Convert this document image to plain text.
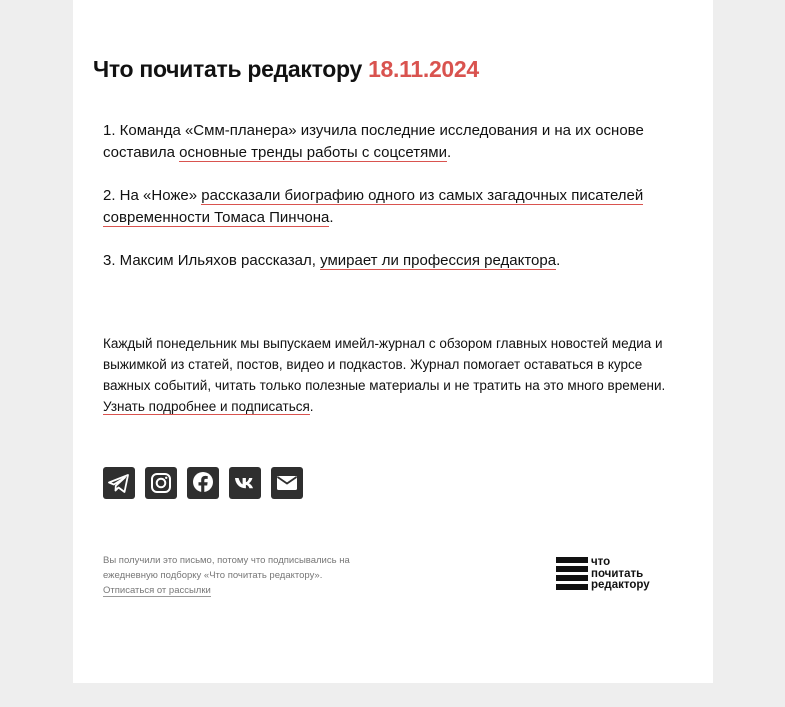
Что почитать редактору 18.11.2024

1. Команда «Смм-планера» изучила последние исследования и на их основе составила основные тренды работы с соцсетями.

2. На «Ноже» рассказали биографию одного из самых загадочных писателей современности Томаса Пинчона.

3. Максим Ильяхов рассказал, умирает ли профессия редактора.

Каждый понедельник мы выпускаем имейл-журнал с обзором главных новостей медиа и выжимкой из статей, постов, видео и подкастов. Журнал помогает оставаться в курсе важных событий, читать только полезные материалы и не тратить на это много времени. Узнать подробнее и подписаться.

Вы получили это письмо, потому что подписывались на ежедневную подборку «Что почитать редактору».
Отписаться от рассылки

что
почитать
редактору
